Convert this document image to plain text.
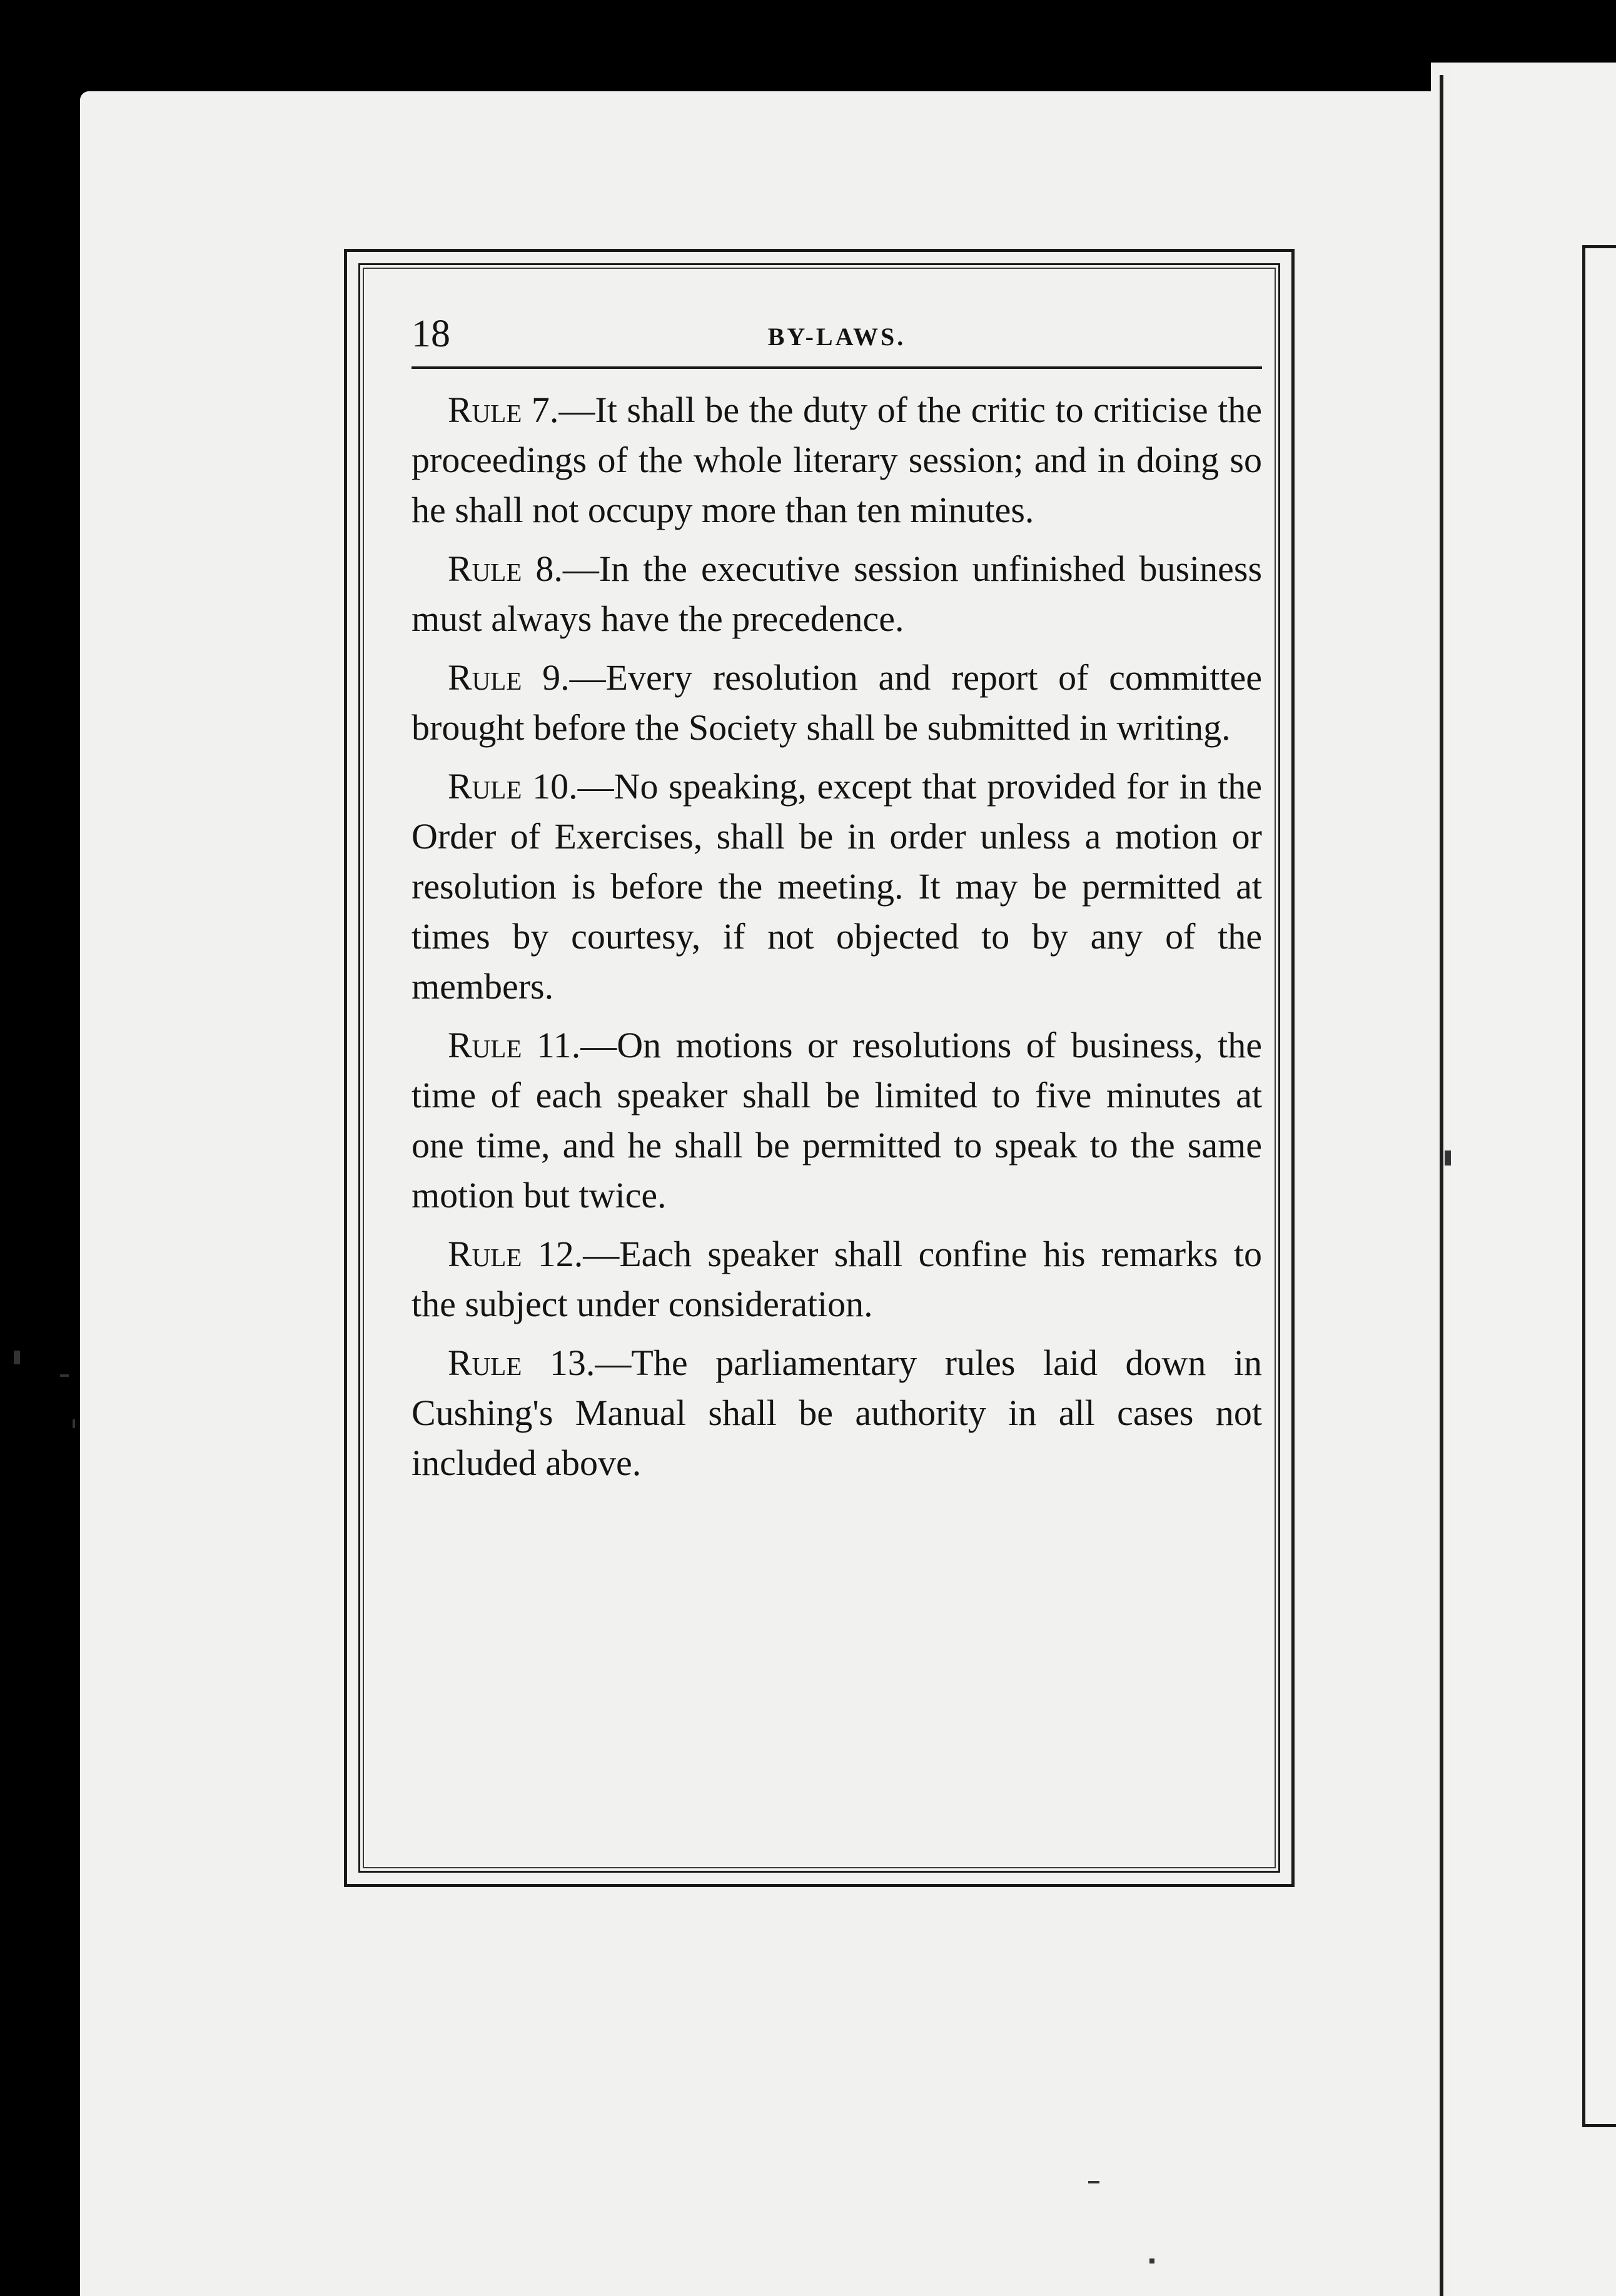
18	BY-LAWS.

Rule 7.—It shall be the duty of the critic to criticise the proceedings of the whole literary session; and in doing so he shall not occupy more than ten minutes.

Rule 8.—In the executive session unfinished business must always have the precedence.

Rule 9.—Every resolution and report of committee brought before the Society shall be submitted in writing.

Rule 10.—No speaking, except that provided for in the Order of Exercises, shall be in order unless a motion or resolution is before the meeting. It may be permitted at times by courtesy, if not objected to by any of the members.

Rule 11.—On motions or resolutions of business, the time of each speaker shall be limited to five minutes at one time, and he shall be permitted to speak to the same motion but twice.

Rule 12.—Each speaker shall confine his remarks to the subject under consideration.

Rule 13.—The parliamentary rules laid down in Cushing's Manual shall be authority in all cases not included above.
